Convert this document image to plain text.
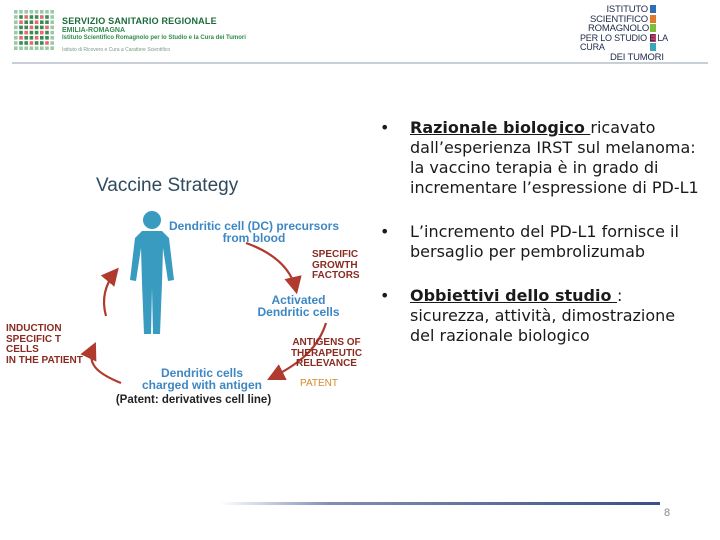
SERVIZIO SANITARIO REGIONALE
EMILIA-ROMAGNA
Istituto Scientifico Romagnolo per lo Studio e la Cura dei Tumori
Istituto di Ricovero e Cura a Carattere Scientifico
ISTITUTO
SCIENTIFICO
ROMAGNOLO
PER LO STUDIO E LA CURA
DEI TUMORI
Vaccine Strategy
Dendritic cell (DC) precursors
from blood
SPECIFIC
GROWTH
FACTORS
Activated
Dendritic cells
ANTIGENS OF
THERAPEUTIC
RELEVANCE
PATENT
Dendritic cells
charged with antigen
(Patent: derivatives cell line)
INDUCTION
SPECIFIC T CELLS
IN THE PATIENT
• Razionale biologico ricavato dall’esperienza IRST sul melanoma: la vaccino terapia è in grado di incrementare l’espressione di PD-L1
• L’incremento del PD-L1 fornisce il bersaglio per pembrolizumab
• Obbiettivi dello studio : sicurezza, attività, dimostrazione del razionale biologico
8
